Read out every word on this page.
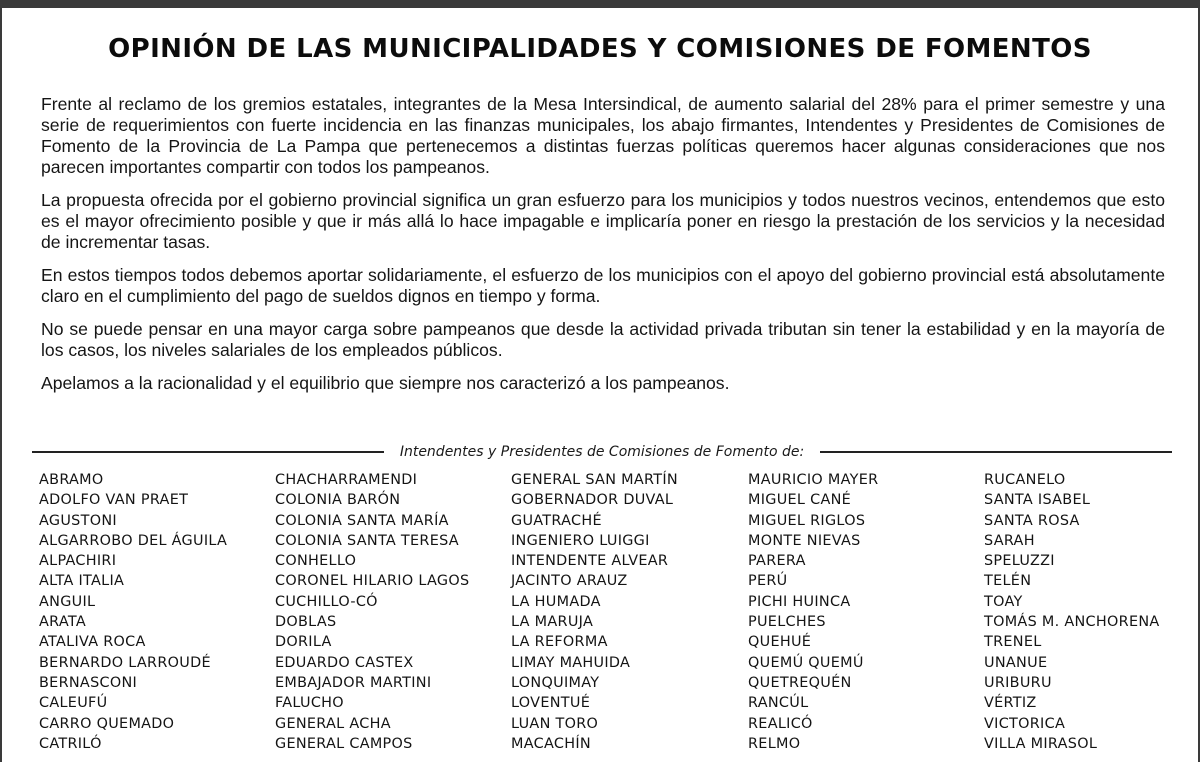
OPINIÓN DE LAS MUNICIPALIDADES Y COMISIONES DE FOMENTOS

Frente al reclamo de los gremios estatales, integrantes de la Mesa Intersindical, de aumento salarial del 28% para el primer semestre y una serie de requerimientos con fuerte incidencia en las finanzas municipales, los abajo firmantes, Intendentes y Presidentes de Comisiones de Fomento de la Provincia de La Pampa que pertenecemos a distintas fuerzas políticas queremos hacer algunas consideraciones que nos parecen importantes compartir con todos los pampeanos.

La propuesta ofrecida por el gobierno provincial significa un gran esfuerzo para los municipios y todos nuestros vecinos, entendemos que esto es el mayor ofrecimiento posible y que ir más allá lo hace impagable e implicaría poner en riesgo la prestación de los servicios y la necesidad de incrementar tasas.

En estos tiempos todos debemos aportar solidariamente, el esfuerzo de los municipios con el apoyo del gobierno provincial está absolutamente claro en el cumplimiento del pago de sueldos dignos en tiempo y forma.

No se puede pensar en una mayor carga sobre pampeanos que desde la actividad privada tributan sin tener la estabilidad y en la mayoría de los casos, los niveles salariales de los empleados públicos.

Apelamos a la racionalidad y el equilibrio que siempre nos caracterizó a los pampeanos.

Intendentes y Presidentes de Comisiones de Fomento de:
ABRAMO
ADOLFO VAN PRAET
AGUSTONI
ALGARROBO DEL ÁGUILA
ALPACHIRI
ALTA ITALIA
ANGUIL
ARATA
ATALIVA ROCA
BERNARDO LARROUDÉ
BERNASCONI
CALEUFÚ
CARRO QUEMADO
CATRILÓ
CHACHARRAMENDI
COLONIA BARÓN
COLONIA SANTA MARÍA
COLONIA SANTA TERESA
CONHELLO
CORONEL HILARIO LAGOS
CUCHILLO-CÓ
DOBLAS
DORILA
EDUARDO CASTEX
EMBAJADOR MARTINI
FALUCHO
GENERAL ACHA
GENERAL CAMPOS
GENERAL SAN MARTÍN
GOBERNADOR DUVAL
GUATRACHÉ
INGENIERO LUIGGI
INTENDENTE ALVEAR
JACINTO ARAUZ
LA HUMADA
LA MARUJA
LA REFORMA
LIMAY MAHUIDA
LONQUIMAY
LOVENTUÉ
LUAN TORO
MACACHÍN
MAURICIO MAYER
MIGUEL CANÉ
MIGUEL RIGLOS
MONTE NIEVAS
PARERA
PERÚ
PICHI HUINCA
PUELCHES
QUEHUÉ
QUEMÚ QUEMÚ
QUETREQUÉN
RANCÚL
REALICÓ
RELMO
RUCANELO
SANTA ISABEL
SANTA ROSA
SARAH
SPELUZZI
TELÉN
TOAY
TOMÁS M. ANCHORENA
TRENEL
UNANUE
URIBURU
VÉRTIZ
VICTORICA
VILLA MIRASOL
